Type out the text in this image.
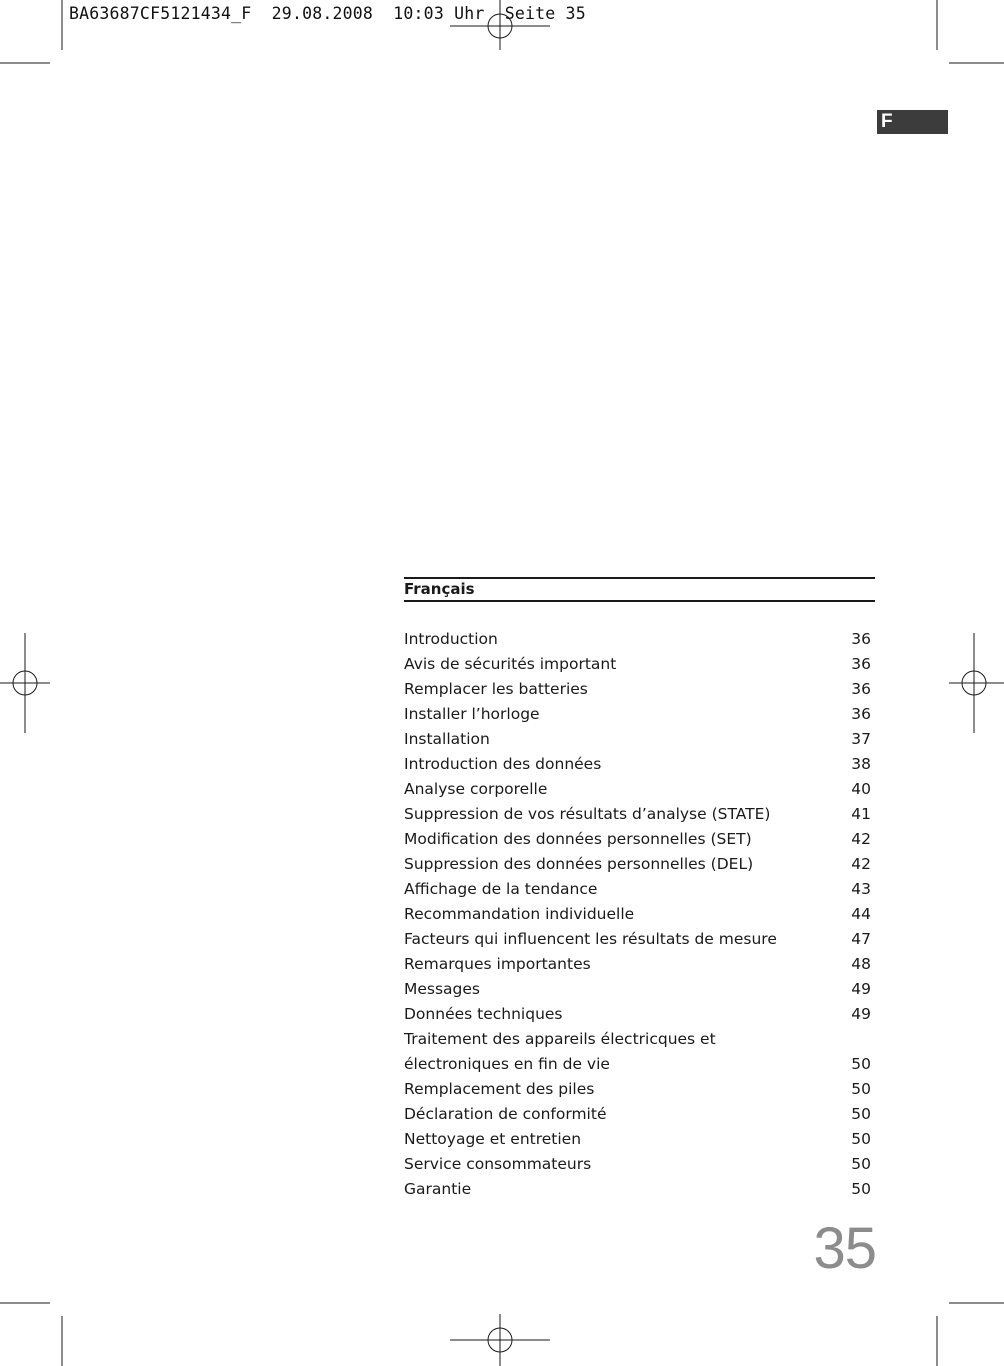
BA63687CF5121434_F  29.08.2008  10:03 Uhr  Seite 35
F
Français
Introduction	36
Avis de sécurités important	36
Remplacer les batteries	36
Installer l’horloge	36
Installation	37
Introduction des données	38
Analyse corporelle	40
Suppression de vos résultats d’analyse (STATE)	41
Modification des données personnelles (SET)	42
Suppression des données personnelles (DEL)	42
Affichage de la tendance	43
Recommandation individuelle	44
Facteurs qui influencent les résultats de mesure	47
Remarques importantes	48
Messages	49
Données techniques	49
Traitement des appareils électricques et électroniques en fin de vie	50
Remplacement des piles	50
Déclaration de conformité	50
Nettoyage et entretien	50
Service consommateurs	50
Garantie	50
35
